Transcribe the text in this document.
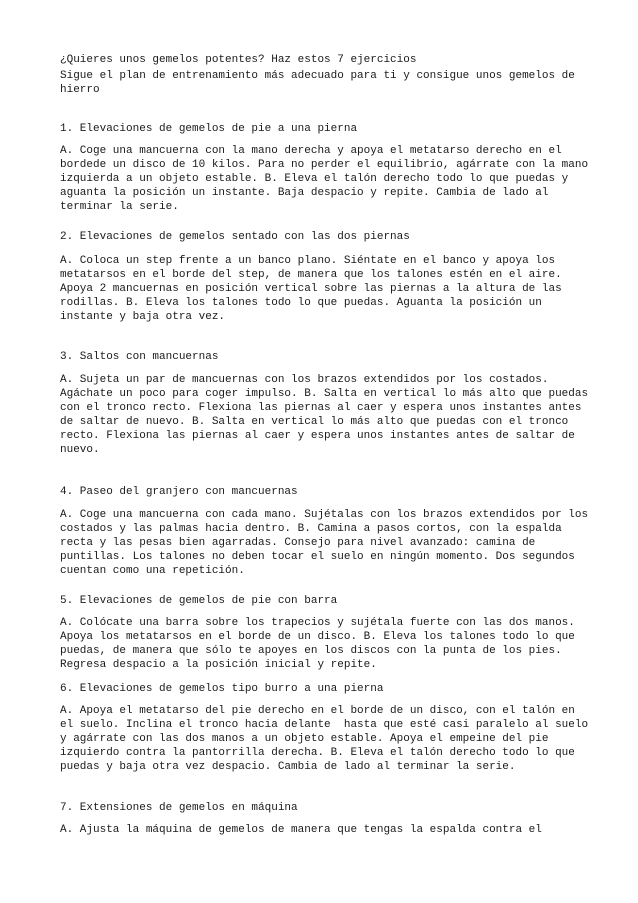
¿Quieres unos gemelos potentes? Haz estos 7 ejercicios
Sigue el plan de entrenamiento más adecuado para ti y consigue unos gemelos de
hierro
1. Elevaciones de gemelos de pie a una pierna
A. Coge una mancuerna con la mano derecha y apoya el metatarso derecho en el
bordede un disco de 10 kilos. Para no perder el equilibrio, agárrate con la mano
izquierda a un objeto estable. B. Eleva el talón derecho todo lo que puedas y
aguanta la posición un instante. Baja despacio y repite. Cambia de lado al
terminar la serie.
2. Elevaciones de gemelos sentado con las dos piernas
A. Coloca un step frente a un banco plano. Siéntate en el banco y apoya los
metatarsos en el borde del step, de manera que los talones estén en el aire.
Apoya 2 mancuernas en posición vertical sobre las piernas a la altura de las
rodillas. B. Eleva los talones todo lo que puedas. Aguanta la posición un
instante y baja otra vez.
3. Saltos con mancuernas
A. Sujeta un par de mancuernas con los brazos extendidos por los costados.
Agáchate un poco para coger impulso. B. Salta en vertical lo más alto que puedas
con el tronco recto. Flexiona las piernas al caer y espera unos instantes antes
de saltar de nuevo. B. Salta en vertical lo más alto que puedas con el tronco
recto. Flexiona las piernas al caer y espera unos instantes antes de saltar de
nuevo.
4. Paseo del granjero con mancuernas
A. Coge una mancuerna con cada mano. Sujétalas con los brazos extendidos por los
costados y las palmas hacia dentro. B. Camina a pasos cortos, con la espalda
recta y las pesas bien agarradas. Consejo para nivel avanzado: camina de
puntillas. Los talones no deben tocar el suelo en ningún momento. Dos segundos
cuentan como una repetición.
5. Elevaciones de gemelos de pie con barra
A. Colócate una barra sobre los trapecios y sujétala fuerte con las dos manos.
Apoya los metatarsos en el borde de un disco. B. Eleva los talones todo lo que
puedas, de manera que sólo te apoyes en los discos con la punta de los pies.
Regresa despacio a la posición inicial y repite.
6. Elevaciones de gemelos tipo burro a una pierna
A. Apoya el metatarso del pie derecho en el borde de un disco, con el talón en
el suelo. Inclina el tronco hacia delante  hasta que esté casi paralelo al suelo
y agárrate con las dos manos a un objeto estable. Apoya el empeine del pie
izquierdo contra la pantorrilla derecha. B. Eleva el talón derecho todo lo que
puedas y baja otra vez despacio. Cambia de lado al terminar la serie.
7. Extensiones de gemelos en máquina
A. Ajusta la máquina de gemelos de manera que tengas la espalda contra el
